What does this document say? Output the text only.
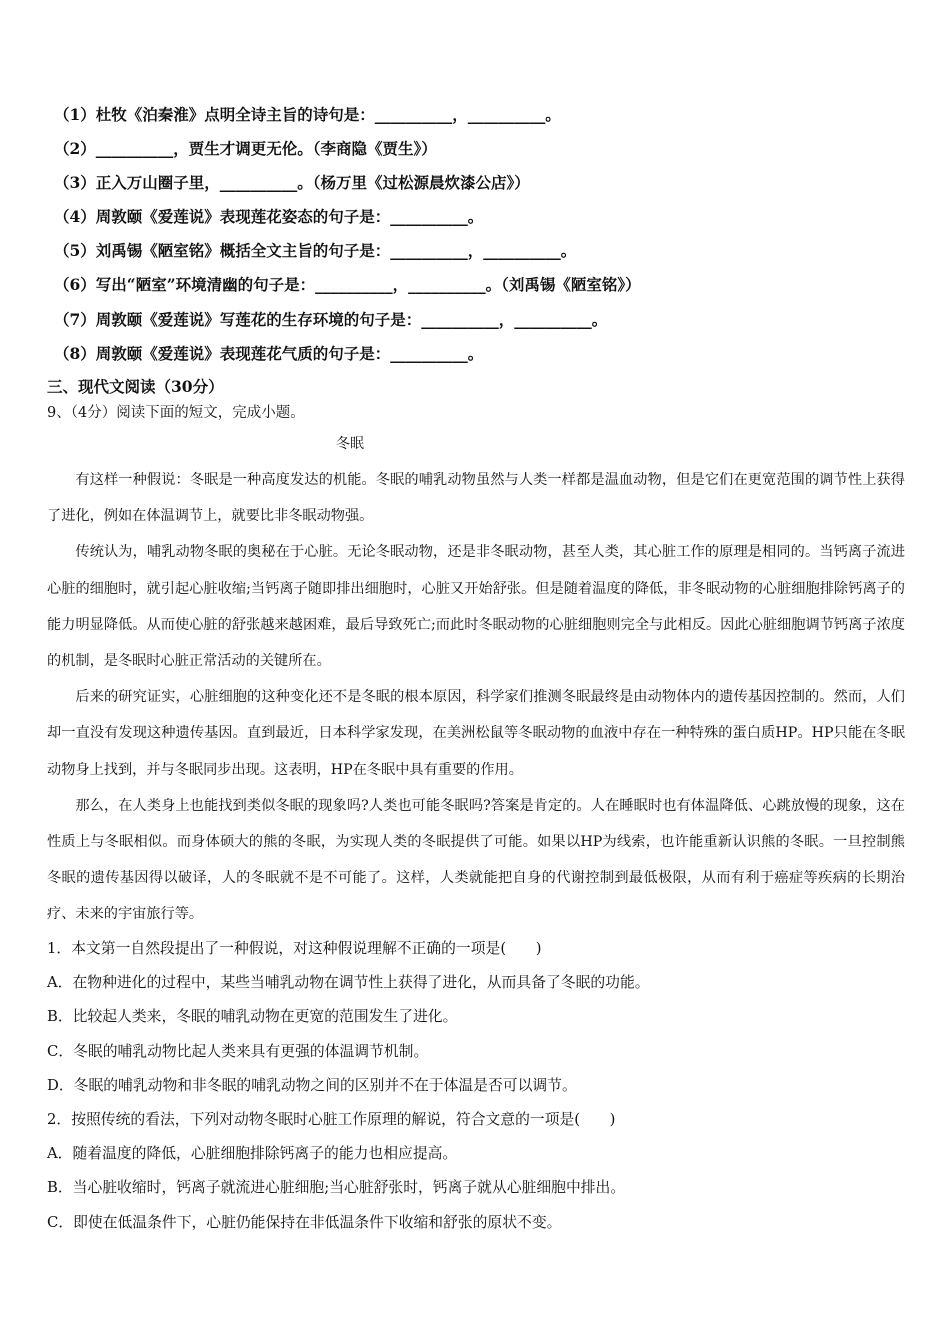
（1）杜牧《泊秦淮》点明全诗主旨的诗句是：__________，__________。
（2）__________，贾生才调更无伦。（李商隐《贾生》）
（3）正入万山圈子里，__________。（杨万里《过松源晨炊漆公店》）
（4）周敦颐《爱莲说》表现莲花姿态的句子是：__________。
（5）刘禹锡《陋室铭》概括全文主旨的句子是：__________，__________。
（6）写出“陋室”环境清幽的句子是：__________，__________。（刘禹锡《陋室铭》）
（7）周敦颐《爱莲说》写莲花的生存环境的句子是：__________，__________。
（8）周敦颐《爱莲说》表现莲花气质的句子是：__________。
三、现代文阅读（30分）
9、（4分）阅读下面的短文，完成小题。
冬眠

有这样一种假说：冬眠是一种高度发达的机能。冬眠的哺乳动物虽然与人类一样都是温血动物，但是它们在更宽范围的调节性上获得了进化，例如在体温调节上，就要比非冬眠动物强。

传统认为，哺乳动物冬眠的奥秘在于心脏。无论冬眠动物，还是非冬眠动物，甚至人类，其心脏工作的原理是相同的。当钙离子流进心脏的细胞时，就引起心脏收缩;当钙离子随即排出细胞时，心脏又开始舒张。但是随着温度的降低，非冬眠动物的心脏细胞排除钙离子的能力明显降低。从而使心脏的舒张越来越困难，最后导致死亡;而此时冬眠动物的心脏细胞则完全与此相反。因此心脏细胞调节钙离子浓度的机制，是冬眠时心脏正常活动的关键所在。

后来的研究证实，心脏细胞的这种变化还不是冬眠的根本原因，科学家们推测冬眠最终是由动物体内的遗传基因控制的。然而，人们却一直没有发现这种遗传基因。直到最近，日本科学家发现，在美洲松鼠等冬眠动物的血液中存在一种特殊的蛋白质HP。HP只能在冬眠动物身上找到，并与冬眠同步出现。这表明，HP在冬眠中具有重要的作用。

那么，在人类身上也能找到类似冬眠的现象吗?人类也可能冬眠吗?答案是肯定的。人在睡眠时也有体温降低、心跳放慢的现象，这在性质上与冬眠相似。而身体硕大的熊的冬眠，为实现人类的冬眠提供了可能。如果以HP为线索，也许能重新认识熊的冬眠。一旦控制熊冬眠的遗传基因得以破译，人的冬眠就不是不可能了。这样，人类就能把自身的代谢控制到最低极限，从而有利于癌症等疾病的长期治疗、未来的宇宙旅行等。

1．本文第一自然段提出了一种假说，对这种假说理解不正确的一项是(　　)
A．在物种进化的过程中，某些当哺乳动物在调节性上获得了进化，从而具备了冬眠的功能。
B．比较起人类来，冬眠的哺乳动物在更宽的范围发生了进化。
C．冬眠的哺乳动物比起人类来具有更强的体温调节机制。
D．冬眠的哺乳动物和非冬眠的哺乳动物之间的区别并不在于体温是否可以调节。
2．按照传统的看法，下列对动物冬眠时心脏工作原理的解说，符合文意的一项是(　　)
A．随着温度的降低，心脏细胞排除钙离子的能力也相应提高。
B．当心脏收缩时，钙离子就流进心脏细胞;当心脏舒张时，钙离子就从心脏细胞中排出。
C．即使在低温条件下，心脏仍能保持在非低温条件下收缩和舒张的原状不变。
